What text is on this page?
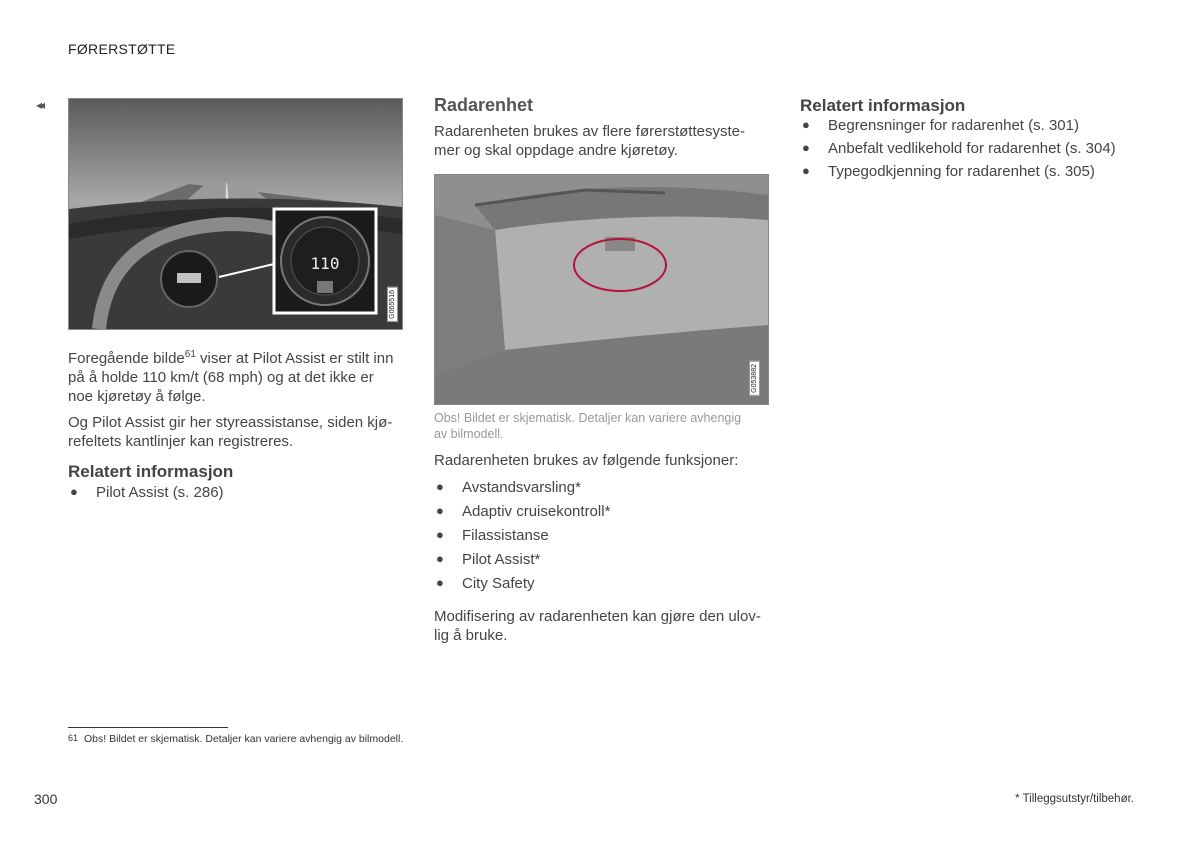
FØRERSTØTTE
◂◂
110
G065516
Foregående bilde$^{61}$ viser at Pilot Assist er stilt inn
på å holde 110 km/t (68 mph) og at det ikke er
noe kjøretøy å følge.
Og Pilot Assist gir her styreassistanse, siden kjø-
refeltets kantlinjer kan registreres.
Relatert informasjon
● Pilot Assist (s. 286)
Radarenhet
Radarenheten brukes av flere førerstøttesyste-
mer og skal oppdage andre kjøretøy.
G053882
Obs! Bildet er skjematisk. Detaljer kan variere avhengig
av bilmodell.
Radarenheten brukes av følgende funksjoner:
● Avstandsvarsling*
● Adaptiv cruisekontroll*
● Filassistanse
● Pilot Assist*
● City Safety
Modifisering av radarenheten kan gjøre den ulov-
lig å bruke.
Relatert informasjon
● Begrensninger for radarenhet (s. 301)
● Anbefalt vedlikehold for radarenhet (s. 304)
● Typegodkjenning for radarenhet (s. 305)
61 Obs! Bildet er skjematisk. Detaljer kan variere avhengig av bilmodell.
300	* Tilleggsutstyr/tilbehør.
